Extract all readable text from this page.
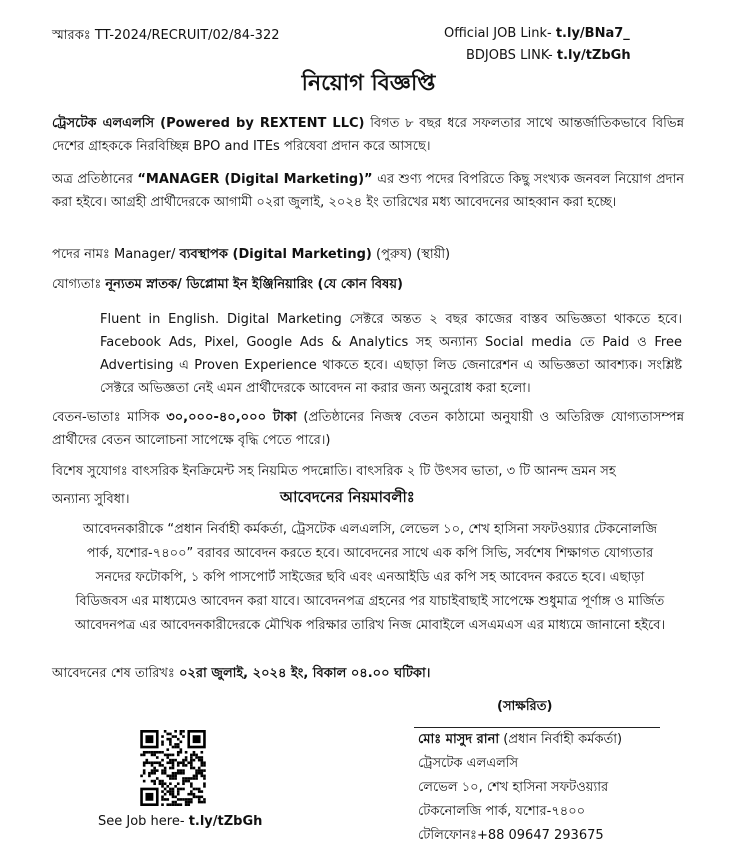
স্মারকঃ TT-2024/RECRUIT/02/84-322	Official JOB Link- t.ly/BNa7_
BDJOBS LINK- t.ly/tZbGh
নিয়োগ বিজ্ঞপ্তি
ট্রেসটেক এলএলসি (Powered by REXTENT LLC) বিগত ৮ বছর ধরে সফলতার সাথে আন্তর্জাতিকভাবে বিভিন্ন দেশের গ্রাহককে নিরবিচ্ছিন্ন BPO and ITEs পরিষেবা প্রদান করে আসছে।
অত্র প্রতিষ্ঠানের “MANAGER (Digital Marketing)” এর শুণ্য পদের বিপরিতে কিছু সংখ্যক জনবল নিয়োগ প্রদান করা হইবে। আগ্রহী প্রার্থীদেরকে আগামী ০২রা জুলাই, ২০২৪ ইং তারিখের মধ্য আবেদনের আহব্বান করা হচ্ছে।
পদের নামঃ Manager/ ব্যবস্থাপক (Digital Marketing) (পুরুষ) (স্থায়ী)
যোগ্যতাঃ নূন্যতম স্নাতক/ ডিপ্লোমা ইন ইঞ্জিনিয়ারিং (যে কোন বিষয়)
Fluent in English. Digital Marketing সেক্টরে অন্তত ২ বছর কাজের বাস্তব অভিজ্ঞতা থাকতে হবে। Facebook Ads, Pixel, Google Ads & Analytics সহ অন্যান্য Social media তে Paid ও Free Advertising এ Proven Experience থাকতে হবে। এছাড়া লিড জেনারেশন এ অভিজ্ঞতা আবশ্যক। সংশ্লিষ্ট সেক্টরে অভিজ্ঞতা নেই এমন প্রার্থীদেরকে আবেদন না করার জন্য অনুরোধ করা হলো।
বেতন-ভাতাঃ মাসিক ৩০,০০০-৪০,০০০ টাকা (প্রতিষ্ঠানের নিজস্ব বেতন কাঠামো অনুযায়ী ও অতিরিক্ত যোগ্যতাসম্পন্ন প্রার্থীদের বেতন আলোচনা সাপেক্ষে বৃদ্ধি পেতে পারে।)
বিশেষ সুযোগঃ বাৎসরিক ইনক্রিমেন্ট সহ নিয়মিত পদন্নোতি। বাৎসরিক ২ টি উৎসব ভাতা, ৩ টি আনন্দ ভ্রমন সহ
অন্যান্য সুবিধা।	আবেদনের নিয়মাবলীঃ
আবেদনকারীকে “প্রধান নির্বাহী কর্মকর্তা, ট্রেসটেক এলএলসি, লেভেল ১০, শেখ হাসিনা সফটওয়্যার টেকনোলজি পার্ক, যশোর-৭৪০০” বরাবর আবেদন করতে হবে। আবেদনের সাথে এক কপি সিভি, সর্বশেষ শিক্ষাগত যোগ্যতার সনদের ফটোকপি, ১ কপি পাসপোর্ট সাইজের ছবি এবং এনআইডি এর কপি সহ আবেদন করতে হবে। এছাড়া বিডিজবস এর মাধ্যমেও আবেদন করা যাবে। আবেদনপত্র গ্রহনের পর যাচাইবাছাই সাপেক্ষে শুধুমাত্র পূর্ণাঙ্গ ও মার্জিত আবেদনপত্র এর আবেদনকারীদেরকে মৌখিক পরিক্ষার তারিখ নিজ মোবাইলে এসএমএস এর মাধ্যমে জানানো হইবে।
আবেদনের শেষ তারিখঃ ০২রা জুলাই, ২০২৪ ইং, বিকাল ০৪.০০ ঘটিকা।
(সাক্ষরিত)
মোঃ মাসুদ রানা (প্রধান নির্বাহী কর্মকর্তা)
ট্রেসটেক এলএলসি
লেভেল ১০, শেখ হাসিনা সফটওয়্যার
টেকনোলজি পার্ক, যশোর-৭৪০০
টেলিফোনঃ+88 09647 293675
See Job here- t.ly/tZbGh
